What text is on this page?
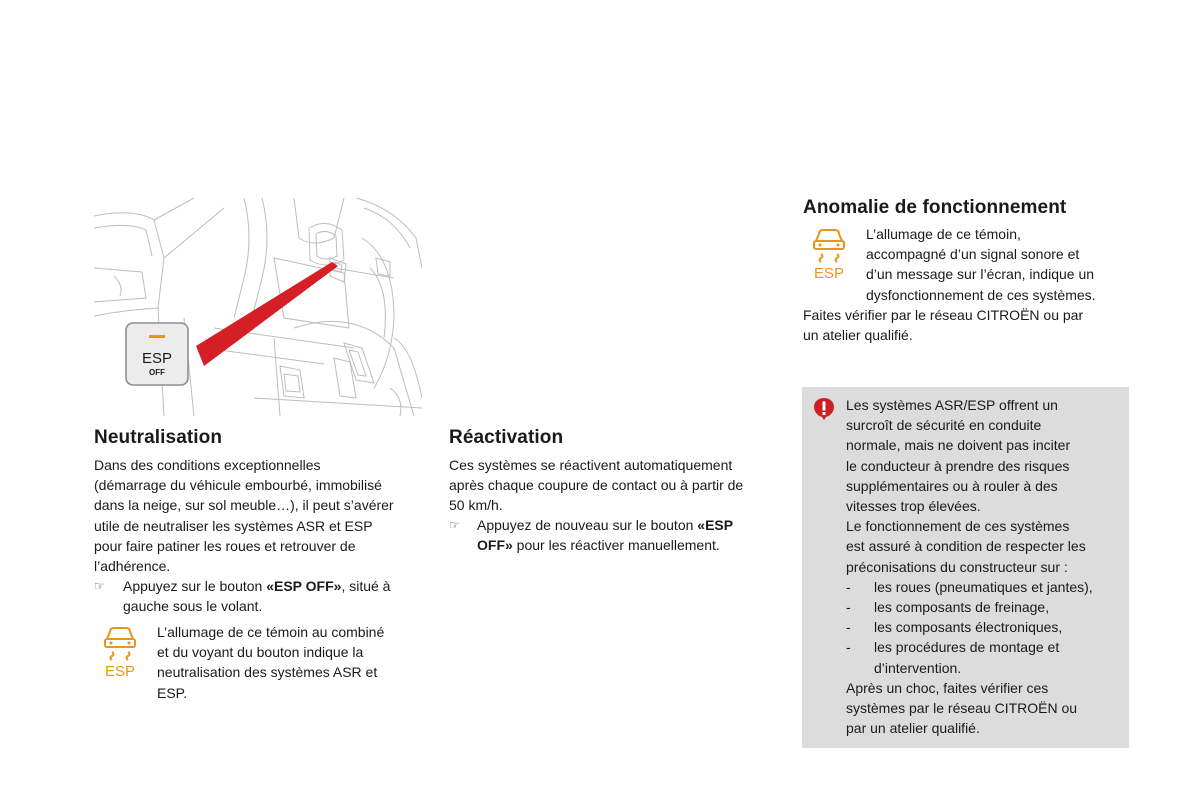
ESP
OFF
Neutralisation
Dans des conditions exceptionnelles
(démarrage du véhicule embourbé, immobilisé
dans la neige, sur sol meuble…), il peut s’avérer
utile de neutraliser les systèmes ASR et ESP
pour faire patiner les roues et retrouver de
l’adhérence.
☞ Appuyez sur le bouton «ESP OFF», situé à
gauche sous le volant.
ESP
L’allumage de ce témoin au combiné
et du voyant du bouton indique la
neutralisation des systèmes ASR et
ESP.
Réactivation
Ces systèmes se réactivent automatiquement
après chaque coupure de contact ou à partir de
50 km/h.
☞ Appuyez de nouveau sur le bouton «ESP
OFF» pour les réactiver manuellement.
Anomalie de fonctionnement
ESP
L’allumage de ce témoin,
accompagné d’un signal sonore et
d’un message sur l’écran, indique un
dysfonctionnement de ces systèmes.
Faites vérifier par le réseau CITROËN ou par
un atelier qualifié.
Les systèmes ASR/ESP offrent un
surcroît de sécurité en conduite
normale, mais ne doivent pas inciter
le conducteur à prendre des risques
supplémentaires ou à rouler à des
vitesses trop élevées.
Le fonctionnement de ces systèmes
est assuré à condition de respecter les
préconisations du constructeur sur :
- les roues (pneumatiques et jantes),
- les composants de freinage,
- les composants électroniques,
- les procédures de montage et
d’intervention.
Après un choc, faites vérifier ces
systèmes par le réseau CITROËN ou
par un atelier qualifié.
